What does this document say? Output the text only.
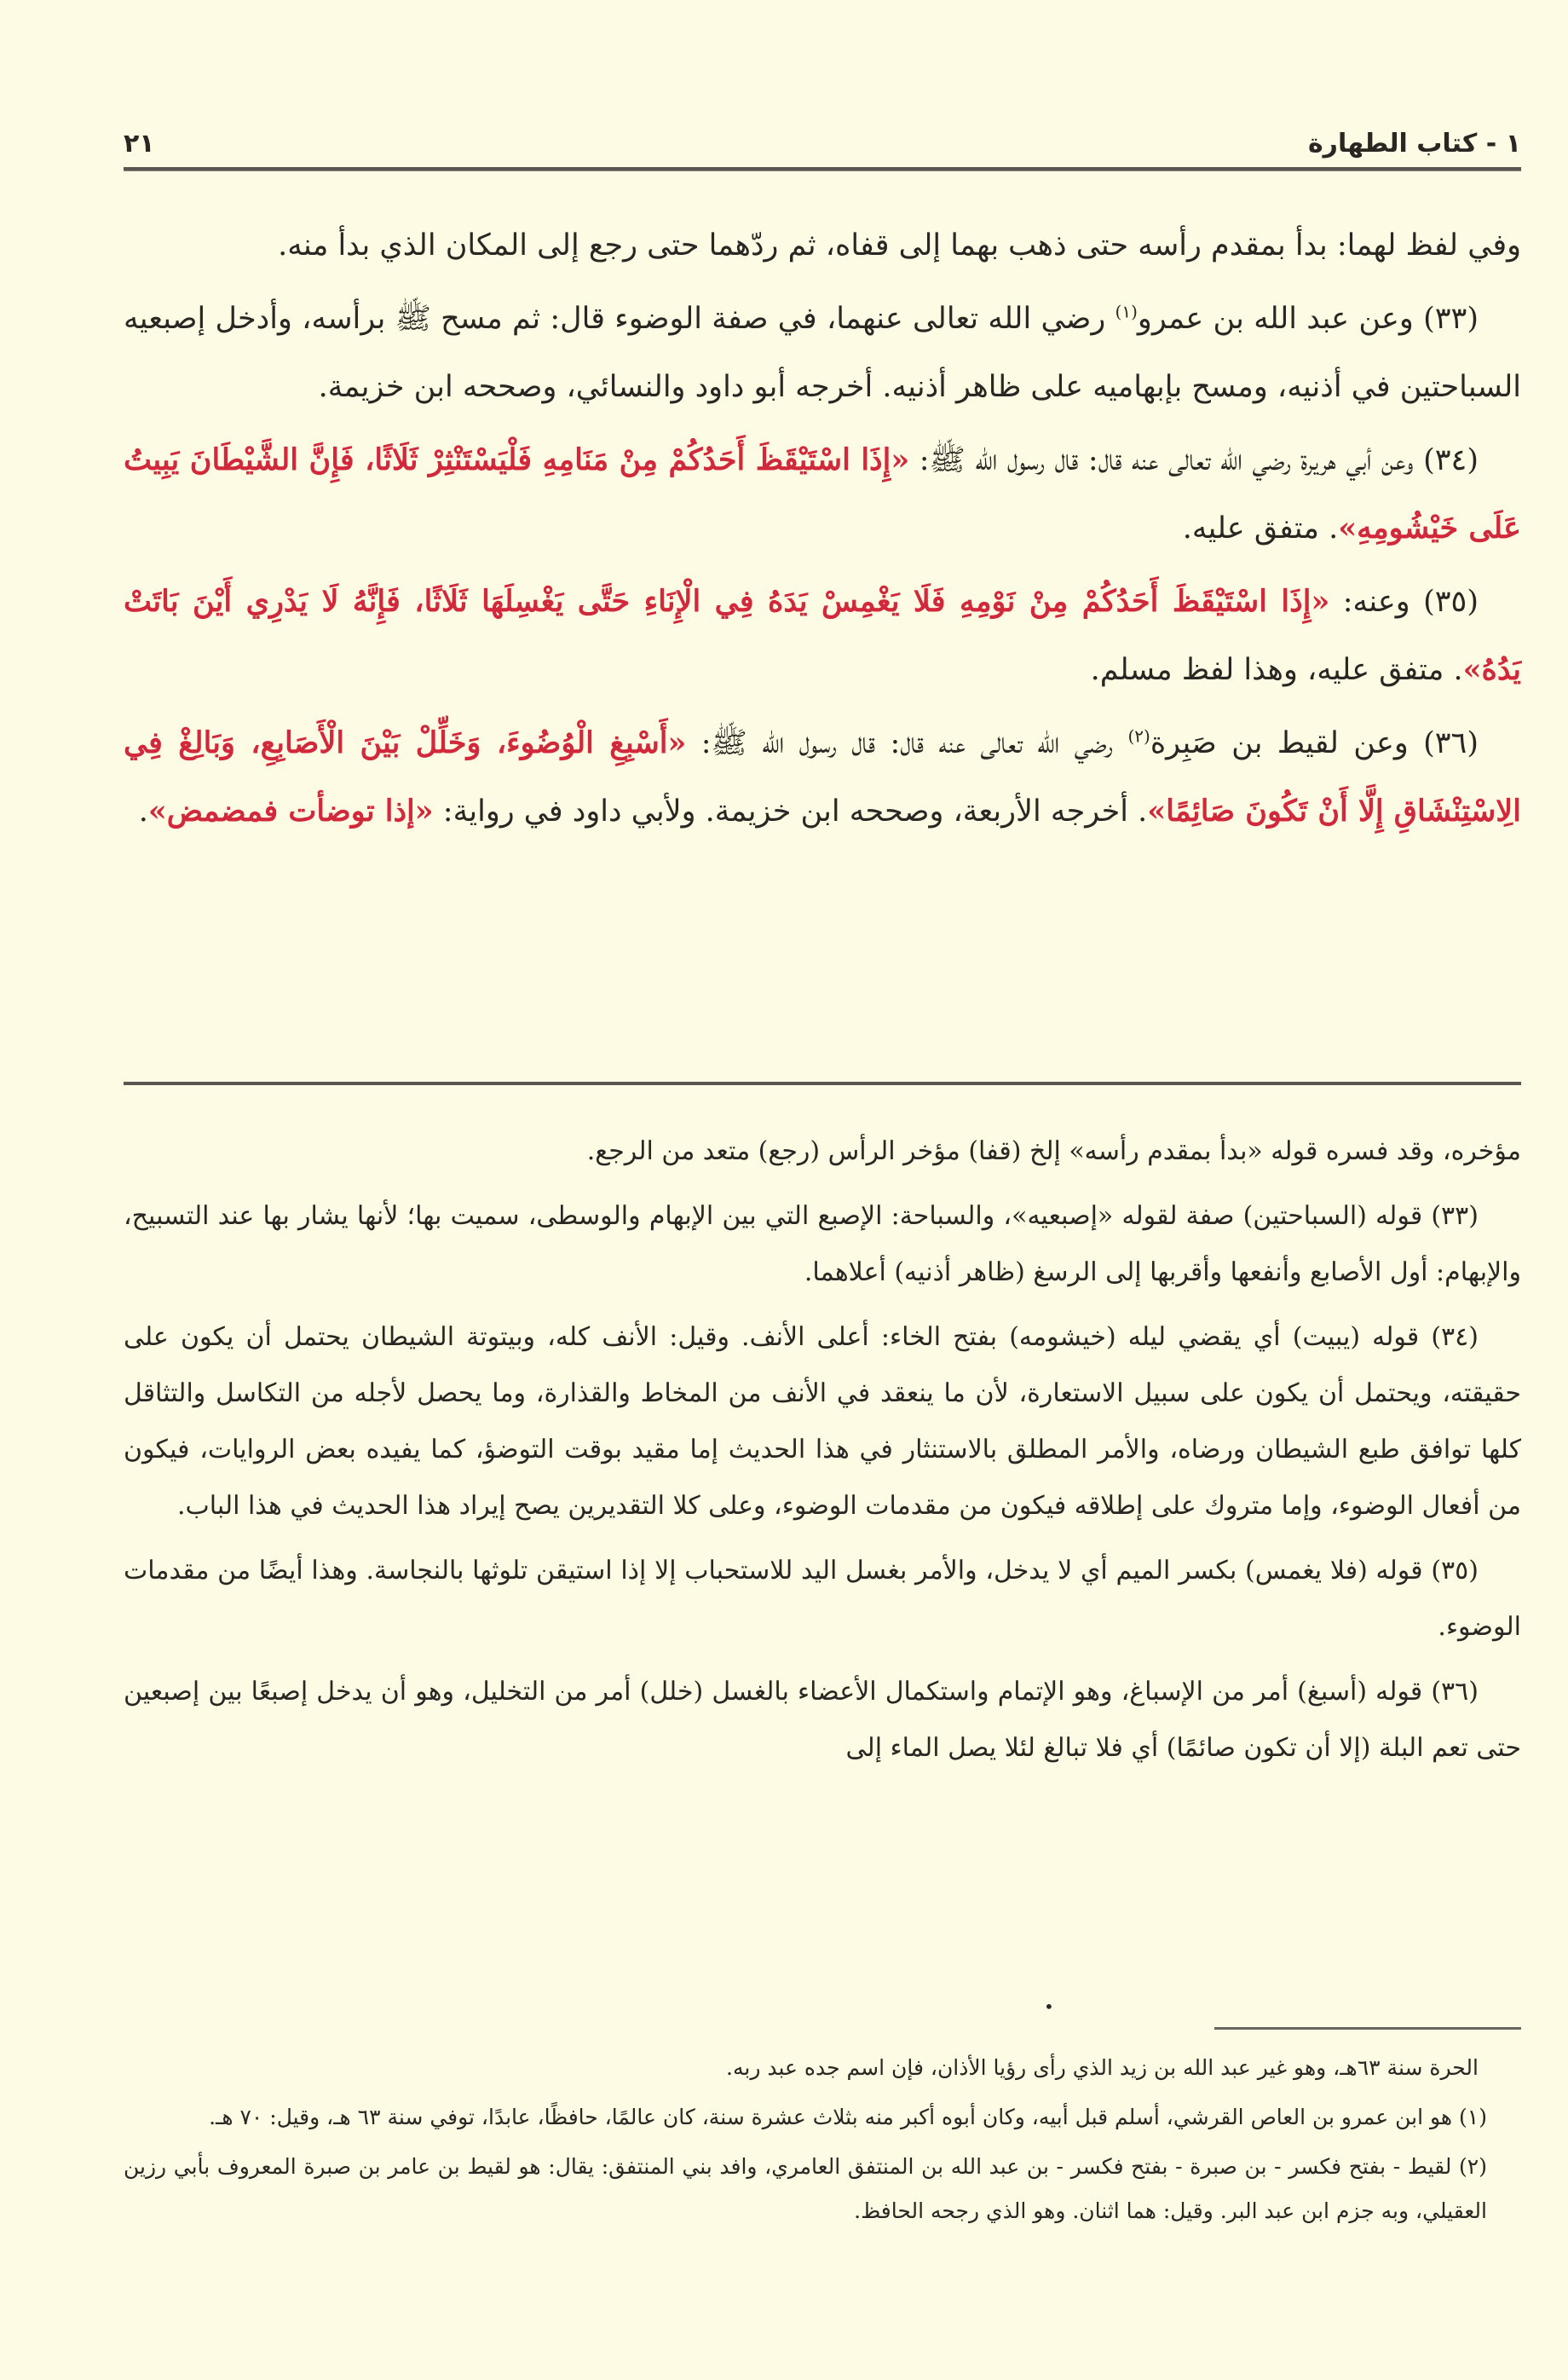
١ - كتاب الطهارة
٢١

وفي لفظ لهما: بدأ بمقدم رأسه حتى ذهب بهما إلى قفاه، ثم ردّهما حتى رجع إلى المكان الذي بدأ منه.

(٣٣) وعن عبد الله بن عمرو$^{(١)}$ رضي الله تعالى عنهما، في صفة الوضوء قال: ثم مسح ﷺ برأسه، وأدخل إصبعيه السباحتين في أذنيه، ومسح بإبهاميه على ظاهر أذنيه. أخرجه أبو داود والنسائي، وصححه ابن خزيمة.

(٣٤) وعن أبي هريرة رضي الله تعالى عنه قال: قال رسول الله ﷺ: «إِذَا اسْتَيْقَظَ أَحَدُكُمْ مِنْ مَنَامِهِ فَلْيَسْتَنْثِرْ ثَلَاثًا، فَإِنَّ الشَّيْطَانَ يَبِيتُ عَلَى خَيْشُومِهِ». متفق عليه.

(٣٥) وعنه: «إِذَا اسْتَيْقَظَ أَحَدُكُمْ مِنْ نَوْمِهِ فَلَا يَغْمِسْ يَدَهُ فِي الْإِنَاءِ حَتَّى يَغْسِلَهَا ثَلَاثًا، فَإِنَّهُ لَا يَدْرِي أَيْنَ بَاتَتْ يَدُهُ». متفق عليه، وهذا لفظ مسلم.

(٣٦) وعن لقيط بن صَبِرة$^{(٢)}$ رضي الله تعالى عنه قال: قال رسول الله ﷺ: «أَسْبِغِ الْوُضُوءَ، وَخَلِّلْ بَيْنَ الْأَصَابِعِ، وَبَالِغْ فِي الِاسْتِنْشَاقِ إِلَّا أَنْ تَكُونَ صَائِمًا». أخرجه الأربعة، وصححه ابن خزيمة. ولأبي داود في رواية: «إذا توضأت فمضمض».

مؤخره، وقد فسره قوله «بدأ بمقدم رأسه» إلخ (قفا) مؤخر الرأس (رجع) متعد من الرجع.

(٣٣) قوله (السباحتين) صفة لقوله «إصبعيه»، والسباحة: الإصبع التي بين الإبهام والوسطى، سميت بها؛ لأنها يشار بها عند التسبيح، والإبهام: أول الأصابع وأنفعها وأقربها إلى الرسغ (ظاهر أذنيه) أعلاهما.

(٣٤) قوله (يبيت) أي يقضي ليله (خيشومه) بفتح الخاء: أعلى الأنف. وقيل: الأنف كله، وبيتوتة الشيطان يحتمل أن يكون على حقيقته، ويحتمل أن يكون على سبيل الاستعارة، لأن ما ينعقد في الأنف من المخاط والقذارة، وما يحصل لأجله من التكاسل والتثاقل كلها توافق طبع الشيطان ورضاه، والأمر المطلق بالاستنثار في هذا الحديث إما مقيد بوقت التوضؤ، كما يفيده بعض الروايات، فيكون من أفعال الوضوء، وإما متروك على إطلاقه فيكون من مقدمات الوضوء، وعلى كلا التقديرين يصح إيراد هذا الحديث في هذا الباب.

(٣٥) قوله (فلا يغمس) بكسر الميم أي لا يدخل، والأمر بغسل اليد للاستحباب إلا إذا استيقن تلوثها بالنجاسة. وهذا أيضًا من مقدمات الوضوء.

(٣٦) قوله (أسبغ) أمر من الإسباغ، وهو الإتمام واستكمال الأعضاء بالغسل (خلل) أمر من التخليل، وهو أن يدخل إصبعًا بين إصبعين حتى تعم البلة (إلا أن تكون صائمًا) أي فلا تبالغ لئلا يصل الماء إلى

•

الحرة سنة ٦٣هـ، وهو غير عبد الله بن زيد الذي رأى رؤيا الأذان، فإن اسم جده عبد ربه.

(١) هو ابن عمرو بن العاص القرشي، أسلم قبل أبيه، وكان أبوه أكبر منه بثلاث عشرة سنة، كان عالمًا، حافظًا، عابدًا، توفي سنة ٦٣ هـ، وقيل: ٧٠ هـ.

(٢) لقيط - بفتح فكسر - بن صبرة - بفتح فكسر - بن عبد الله بن المنتفق العامري، وافد بني المنتفق: يقال: هو لقيط بن عامر بن صبرة المعروف بأبي رزين العقيلي، وبه جزم ابن عبد البر. وقيل: هما اثنان. وهو الذي رجحه الحافظ.
